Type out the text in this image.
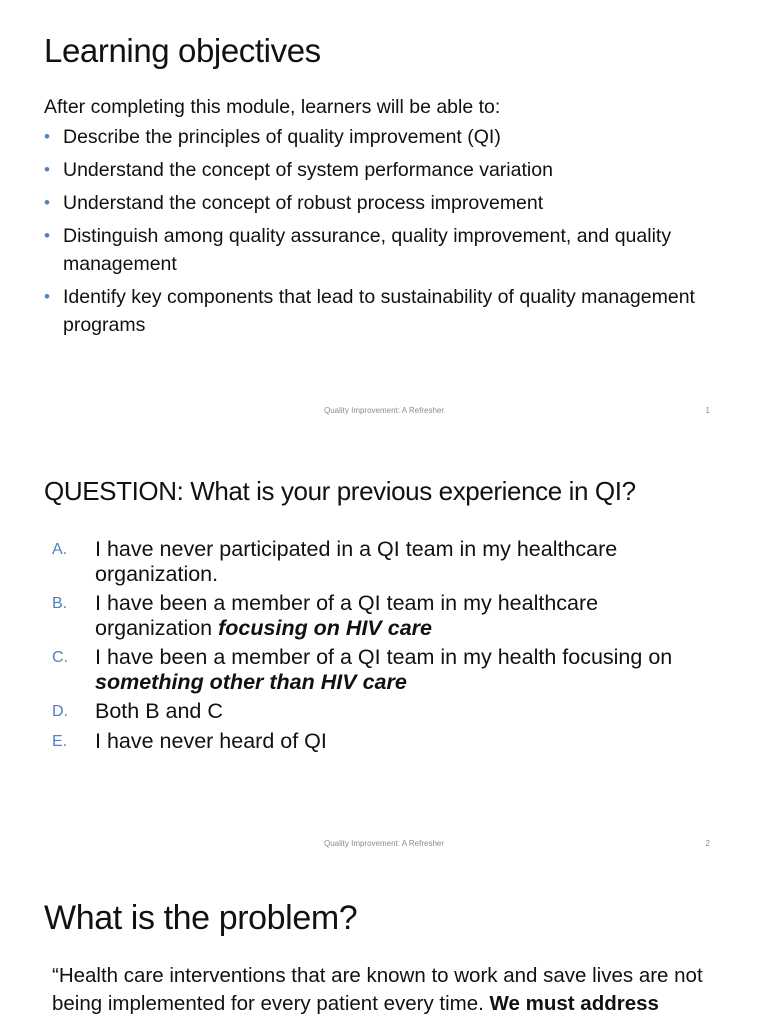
Learning objectives
After completing this module, learners will be able to:
• Describe the principles of quality improvement (QI)
• Understand the concept of system performance variation
• Understand the concept of robust process improvement
• Distinguish among quality assurance, quality improvement, and quality management
• Identify key components that lead to sustainability of quality management programs
Quality Improvement: A Refresher	1
QUESTION: What is your previous experience in QI?
A. I have never participated in a QI team in my healthcare organization.
B. I have been a member of a QI team in my healthcare organization focusing on HIV care
C. I have been a member of a QI team in my health focusing on something other than HIV care
D. Both B and C
E. I have never heard of QI
Quality Improvement: A Refresher	2
What is the problem?

“Health care interventions that are known to work and save lives are not being implemented for every patient every time. We must address
